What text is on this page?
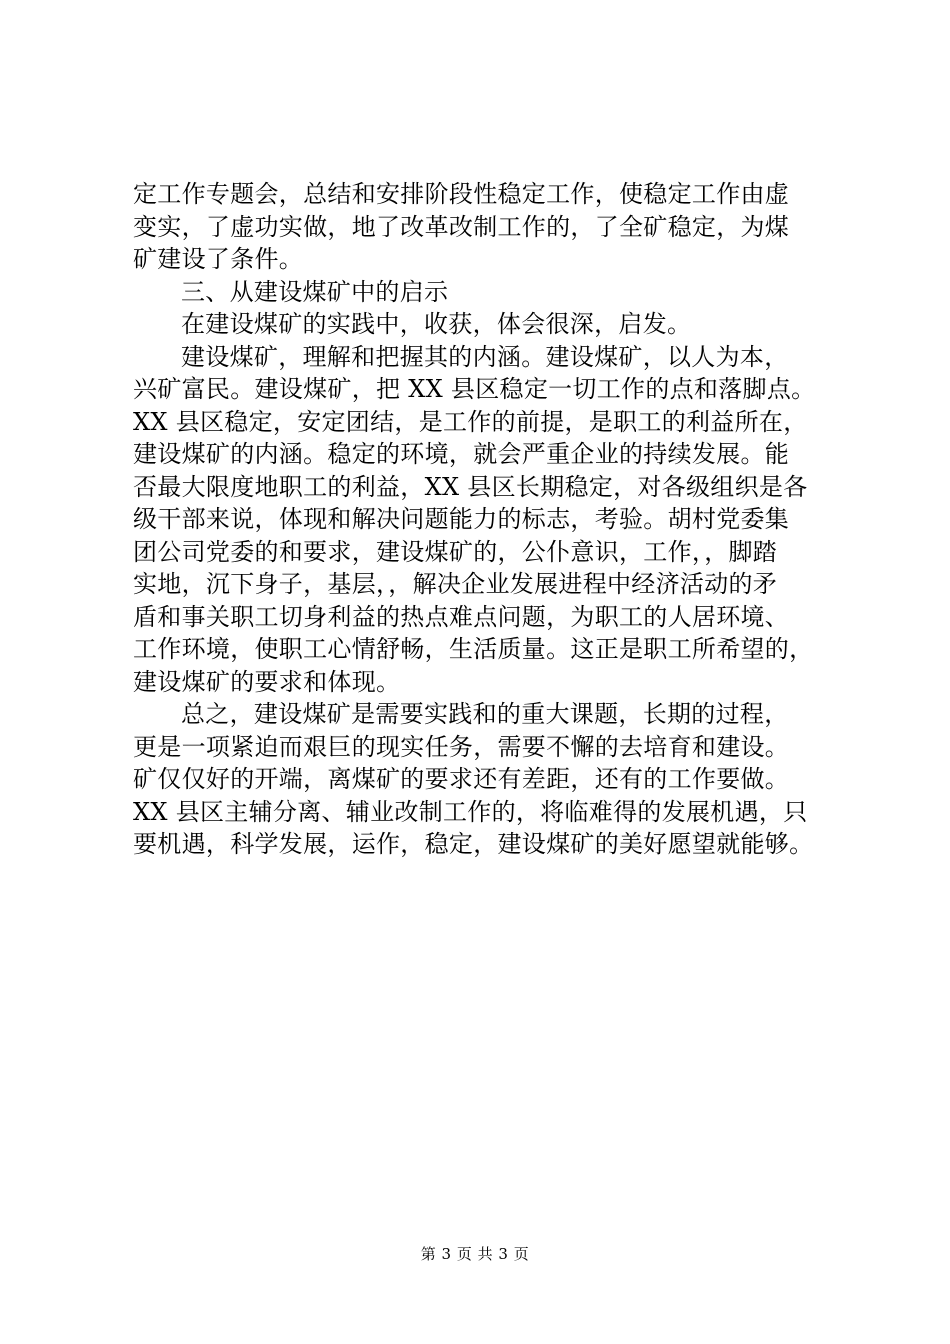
定工作专题会，总结和安排阶段性稳定工作，使稳定工作由虚
变实，了虚功实做，地了改革改制工作的，了全矿稳定，为煤
矿建设了条件。
三、从建设煤矿中的启示
在建设煤矿的实践中，收获，体会很深，启发。
建设煤矿，理解和把握其的内涵。建设煤矿，以人为本，
兴矿富民。建设煤矿，把 XX 县区稳定一切工作的点和落脚点。
XX 县区稳定，安定团结，是工作的前提，是职工的利益所在，
建设煤矿的内涵。稳定的环境，就会严重企业的持续发展。能
否最大限度地职工的利益，XX 县区长期稳定，对各级组织是各
级干部来说，体现和解决问题能力的标志，考验。胡村党委集
团公司党委的和要求，建设煤矿的，公仆意识，工作，，脚踏
实地，沉下身子，基层，，解决企业发展进程中经济活动的矛
盾和事关职工切身利益的热点难点问题，为职工的人居环境、
工作环境，使职工心情舒畅，生活质量。这正是职工所希望的，
建设煤矿的要求和体现。
总之，建设煤矿是需要实践和的重大课题，长期的过程，
更是一项紧迫而艰巨的现实任务，需要不懈的去培育和建设。
矿仅仅好的开端，离煤矿的要求还有差距，还有的工作要做。
XX 县区主辅分离、辅业改制工作的，将临难得的发展机遇，只
要机遇，科学发展，运作，稳定，建设煤矿的美好愿望就能够。
第 3 页 共 3 页
